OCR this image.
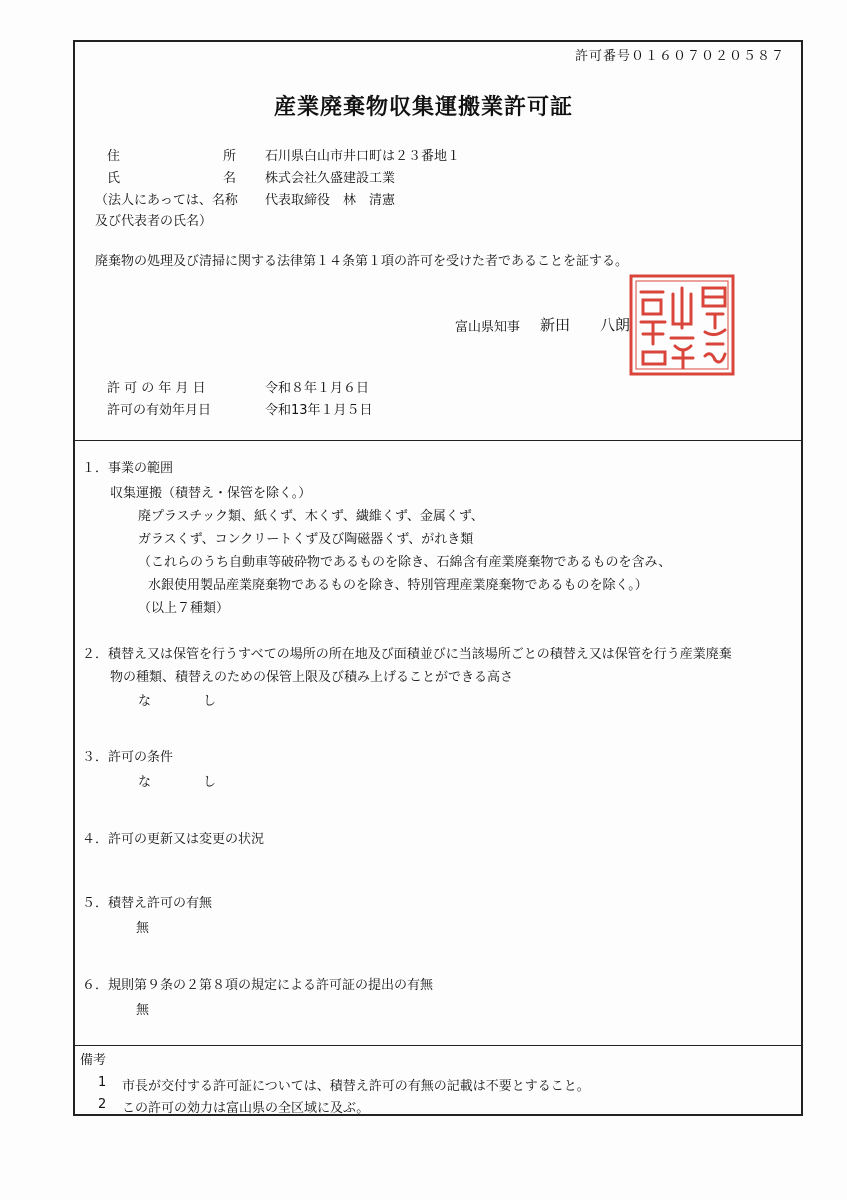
許可番号０１６０７０２０５８７
産業廃棄物収集運搬業許可証
住	所 石川県白山市井口町は２３番地１
氏	名 株式会社久盛建設工業
（法人にあっては、名称 代表取締役　林　清憲
及び代表者の氏名）
廃棄物の処理及び清掃に関する法律第１４条第１項の許可を受けた者であることを証する。
富山県知事 新田　　八朗
許 可 の 年 月 日	令和８年１月６日
許可の有効年月日	令和13年１月５日
１．事業の範囲
収集運搬（積替え・保管を除く。）
廃プラスチック類、紙くず、木くず、繊維くず、金属くず、
ガラスくず、コンクリートくず及び陶磁器くず、がれき類
（これらのうち自動車等破砕物であるものを除き、石綿含有産業廃棄物であるものを含み、
水銀使用製品産業廃棄物であるものを除き、特別管理産業廃棄物であるものを除く。）
（以上７種類）
２．積替え又は保管を行うすべての場所の所在地及び面積並びに当該場所ごとの積替え又は保管を行う産業廃棄
物の種類、積替えのための保管上限及び積み上げることができる高さ
な　　　　し
３．許可の条件
な　　　　し
４．許可の更新又は変更の状況
５．積替え許可の有無
無
６．規則第９条の２第８項の規定による許可証の提出の有無
無
備考
1 市長が交付する許可証については、積替え許可の有無の記載は不要とすること。
2 この許可の効力は富山県の全区域に及ぶ。
